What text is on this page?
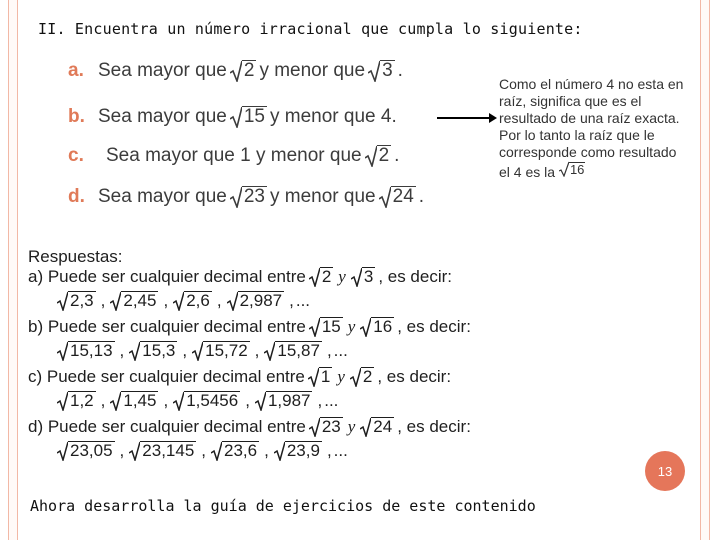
II. Encuentra un número irracional que cumpla lo siguiente:
a. Sea mayor que 2 y menor que 3 .
b. Sea mayor que 15 y menor que 4.
c.	Sea mayor que 1 y menor que 2 .
d. Sea mayor que 23 y menor que 24 .
Como el número 4 no esta en raíz, significa que es el resultado de una raíz exacta. Por lo tanto la raíz que le corresponde como resultado el 4 es la 16
Respuestas:
a) Puede ser cualquier decimal entre 2 y 3 , es decir:
2,3 , 2,45 , 2,6 , 2,987 , ...
b) Puede ser cualquier decimal entre 15 y 16 , es decir:
15,13 , 15,3 , 15,72 , 15,87 , ...
c) Puede ser cualquier decimal entre 1 y 2 , es decir:
1,2 , 1,45 , 1,5456 , 1,987 , ...
d) Puede ser cualquier decimal entre 23 y 24 , es decir:
23,05 , 23,145 , 23,6 , 23,9 , ...
13
Ahora desarrolla la guía de ejercicios de este contenido
